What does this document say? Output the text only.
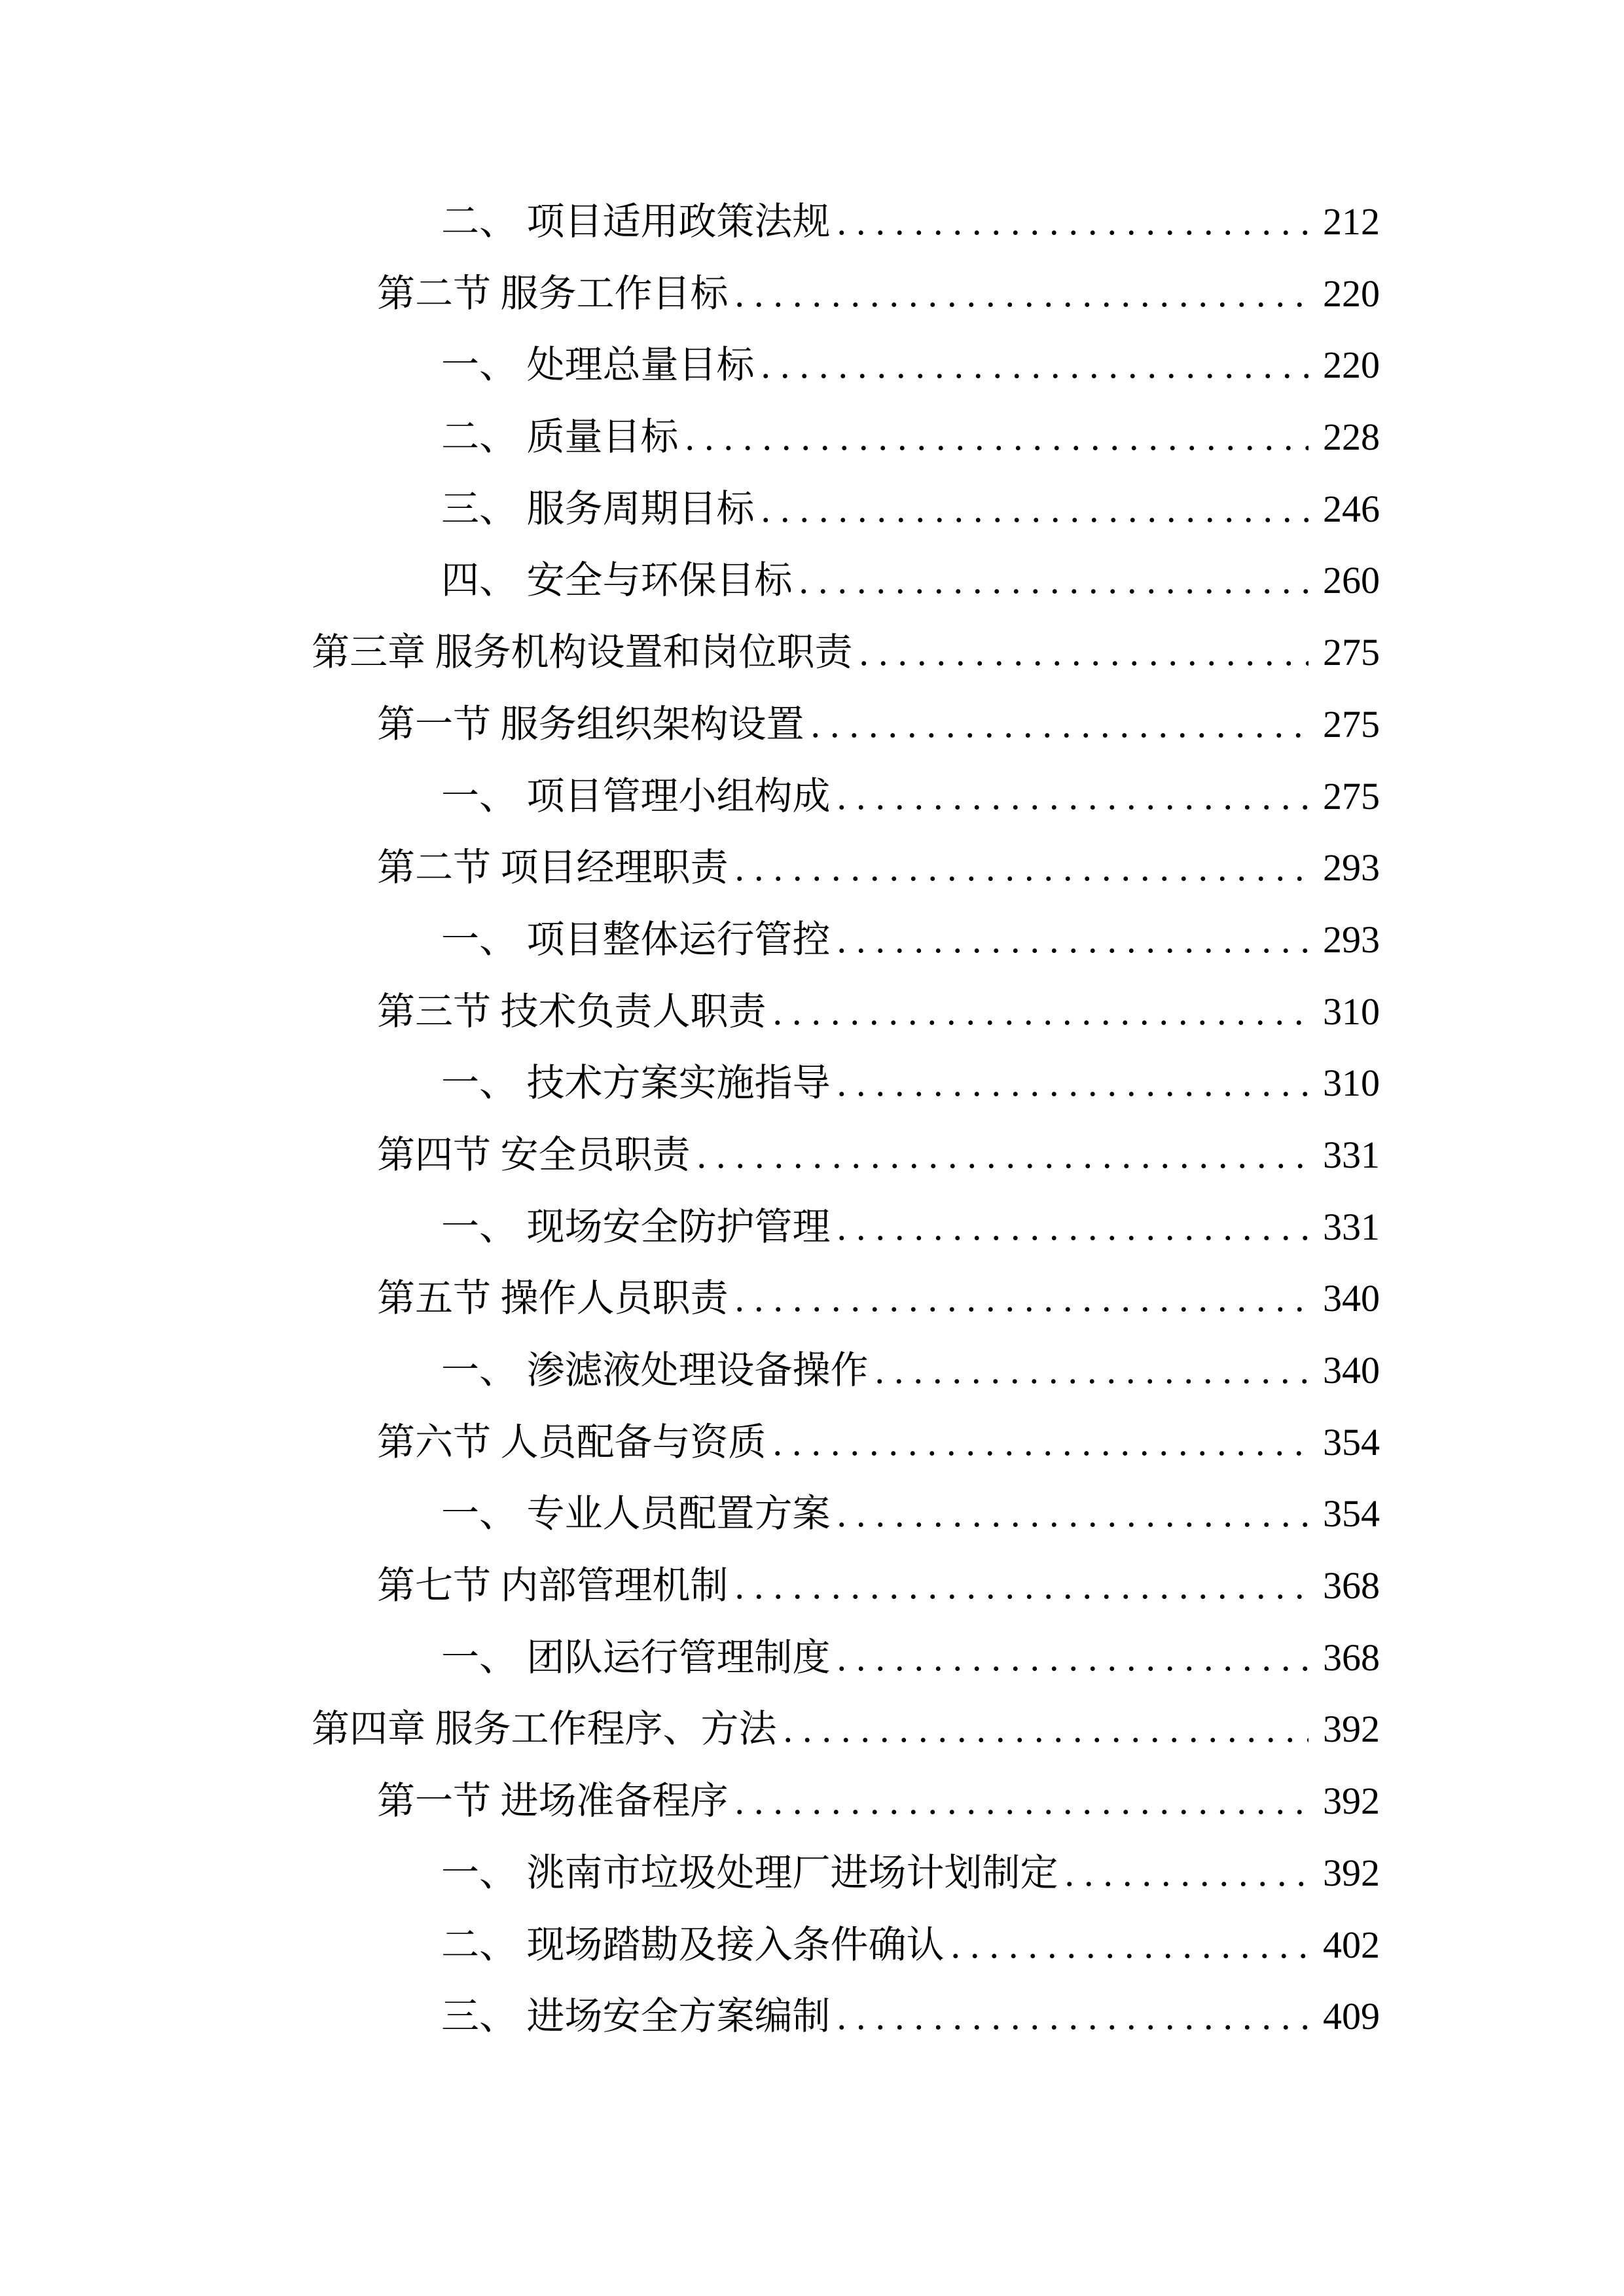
二、 项目适用政策法规 .....	212
第二节 服务工作目标 .....	220
一、 处理总量目标 .....	220
二、 质量目标 .....	228
三、 服务周期目标 .....	246
四、 安全与环保目标 .....	260
第三章 服务机构设置和岗位职责 .....	275
第一节 服务组织架构设置 .....	275
一、 项目管理小组构成 .....	275
第二节 项目经理职责 .....	293
一、 项目整体运行管控 .....	293
第三节 技术负责人职责 .....	310
一、 技术方案实施指导 .....	310
第四节 安全员职责 .....	331
一、 现场安全防护管理 .....	331
第五节 操作人员职责 .....	340
一、 渗滤液处理设备操作 .....	340
第六节 人员配备与资质 .....	354
一、 专业人员配置方案 .....	354
第七节 内部管理机制 .....	368
一、 团队运行管理制度 .....	368
第四章 服务工作程序、方法 .....	392
第一节 进场准备程序 .....	392
一、 洮南市垃圾处理厂进场计划制定 .....	392
二、 现场踏勘及接入条件确认 .....	402
三、 进场安全方案编制 .....	409
